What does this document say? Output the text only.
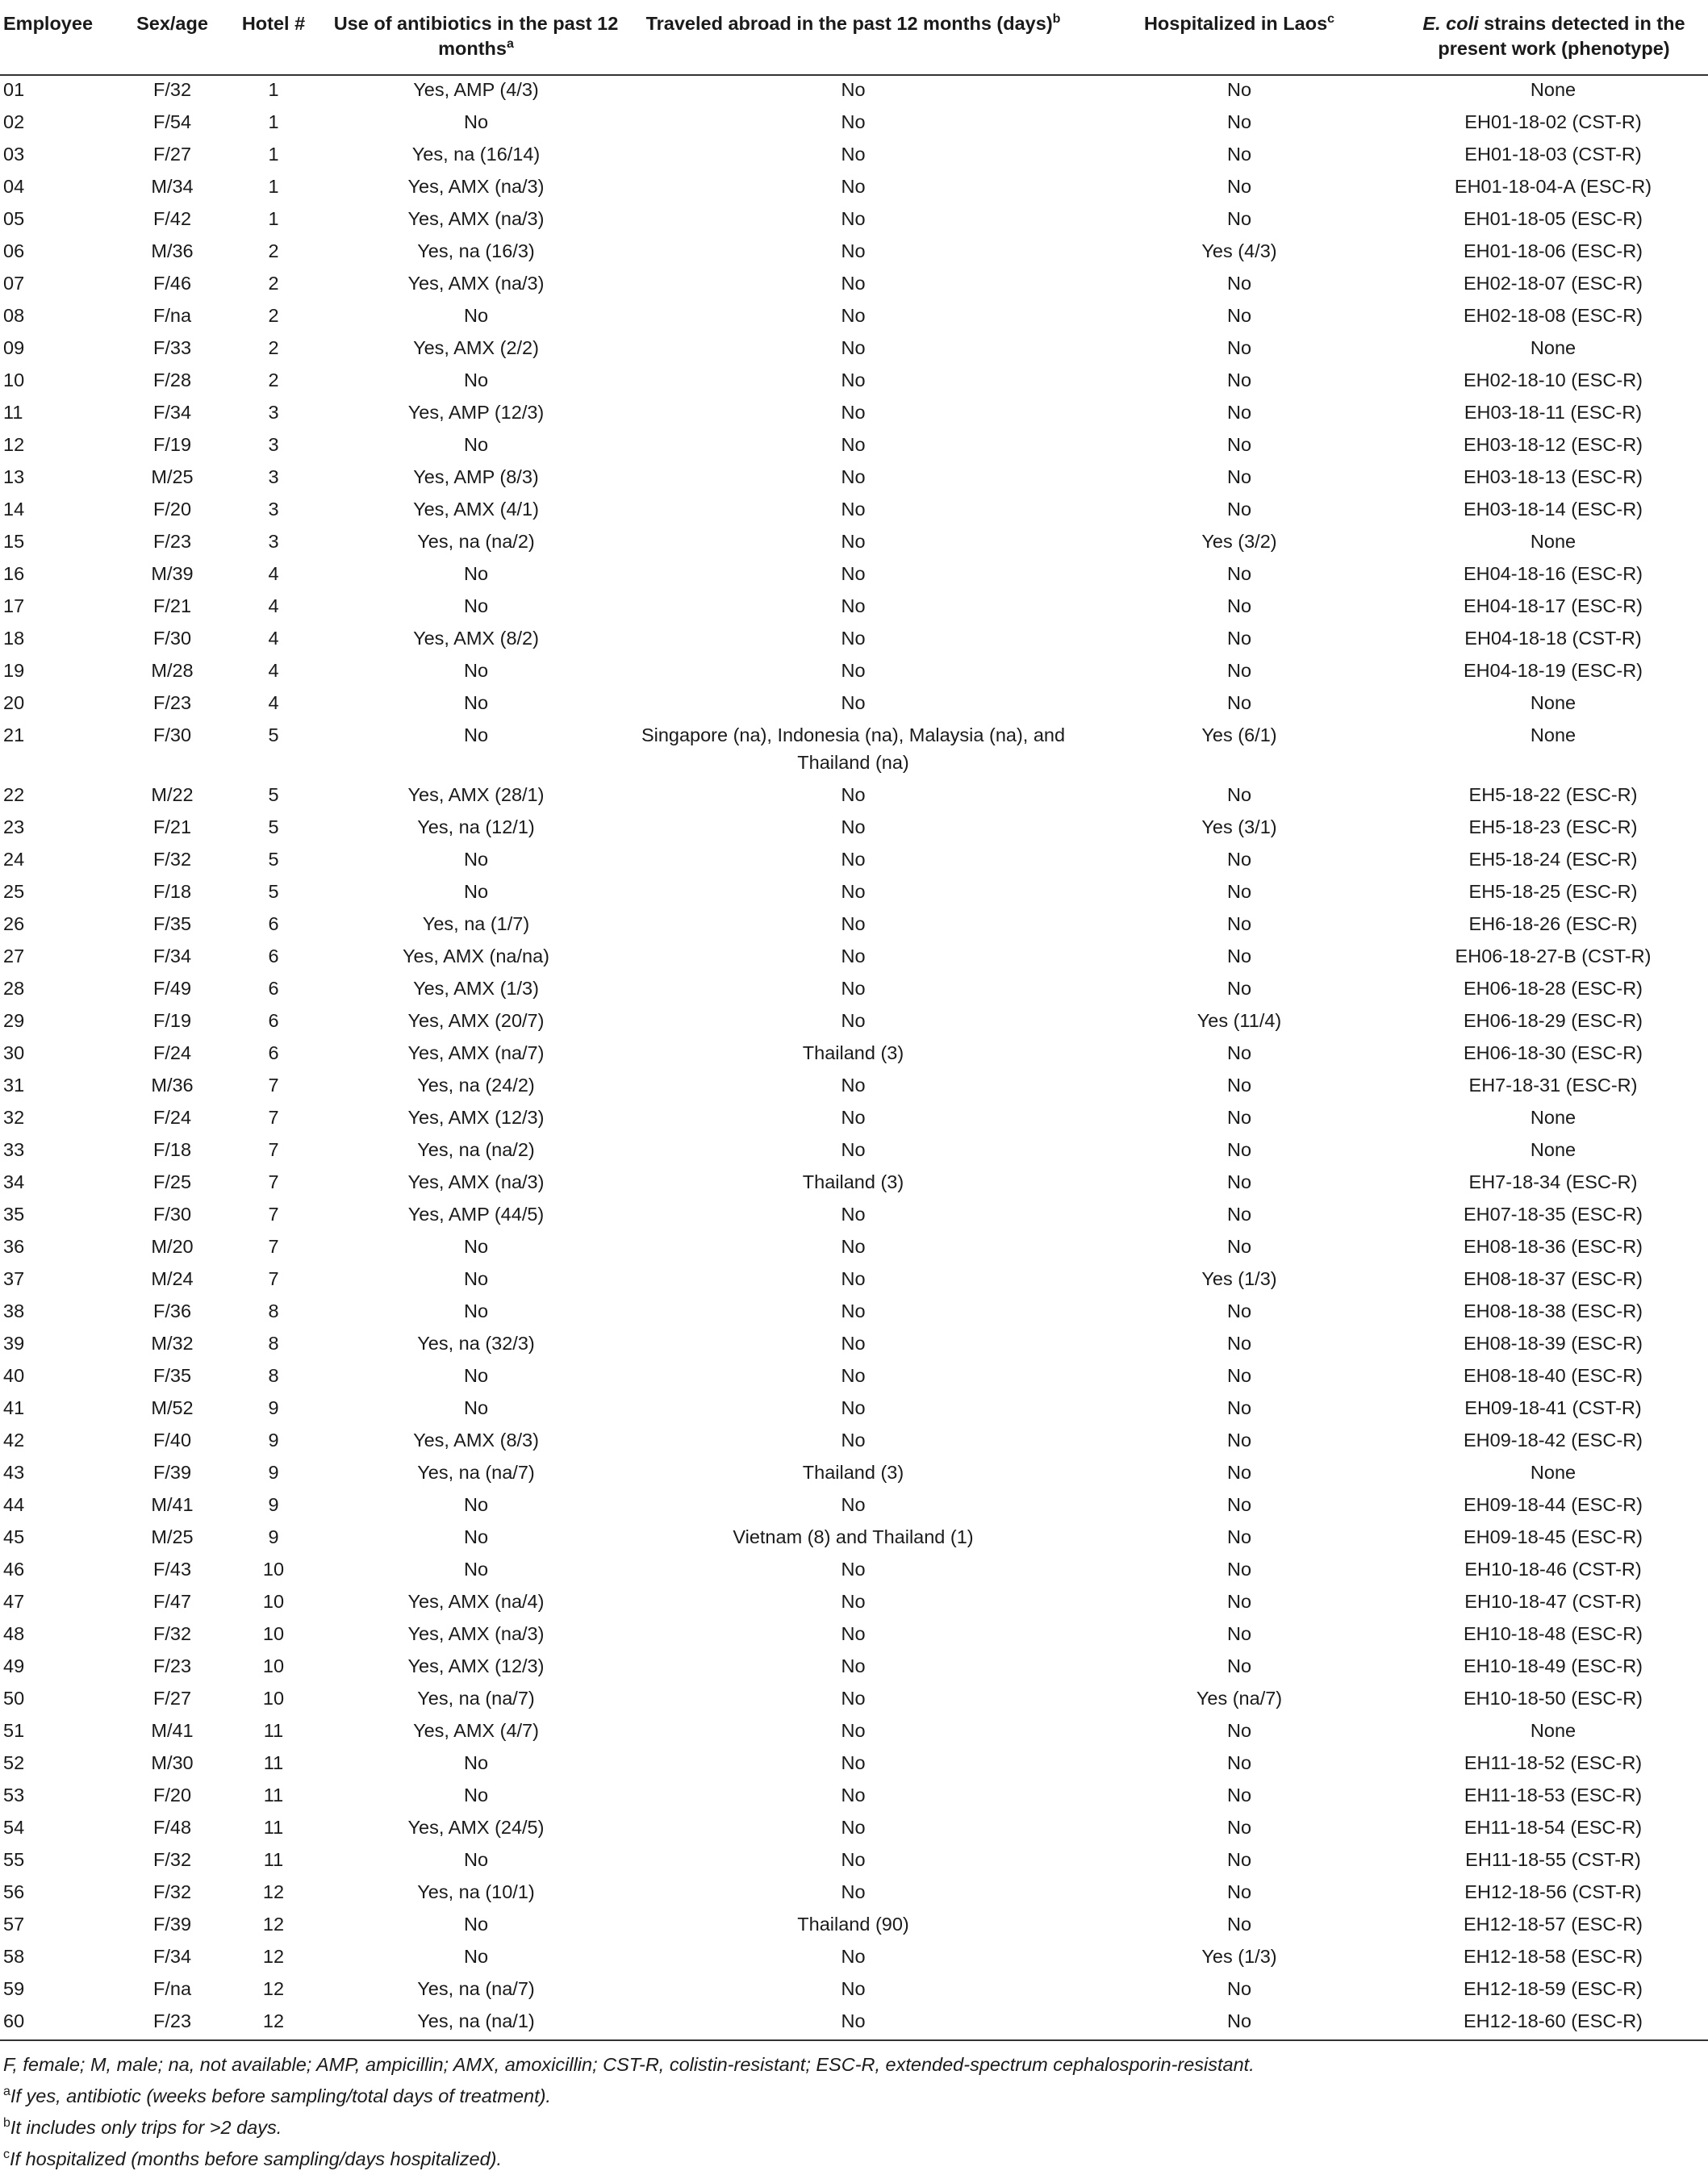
Employee	Sex/age	Hotel #	Use of antibiotics in the past 12 months$^a$	Traveled abroad in the past 12 months (days)$^b$	Hospitalized in Laos$^c$	E. coli strains detected in the present work (phenotype)
01	F/32	1	Yes, AMP (4/3)	No	No	None
02	F/54	1	No	No	No	EH01-18-02 (CST-R)
03	F/27	1	Yes, na (16/14)	No	No	EH01-18-03 (CST-R)
04	M/34	1	Yes, AMX (na/3)	No	No	EH01-18-04-A (ESC-R)
05	F/42	1	Yes, AMX (na/3)	No	No	EH01-18-05 (ESC-R)
06	M/36	2	Yes, na (16/3)	No	Yes (4/3)	EH01-18-06 (ESC-R)
07	F/46	2	Yes, AMX (na/3)	No	No	EH02-18-07 (ESC-R)
08	F/na	2	No	No	No	EH02-18-08 (ESC-R)
09	F/33	2	Yes, AMX (2/2)	No	No	None
10	F/28	2	No	No	No	EH02-18-10 (ESC-R)
11	F/34	3	Yes, AMP (12/3)	No	No	EH03-18-11 (ESC-R)
12	F/19	3	No	No	No	EH03-18-12 (ESC-R)
13	M/25	3	Yes, AMP (8/3)	No	No	EH03-18-13 (ESC-R)
14	F/20	3	Yes, AMX (4/1)	No	No	EH03-18-14 (ESC-R)
15	F/23	3	Yes, na (na/2)	No	Yes (3/2)	None
16	M/39	4	No	No	No	EH04-18-16 (ESC-R)
17	F/21	4	No	No	No	EH04-18-17 (ESC-R)
18	F/30	4	Yes, AMX (8/2)	No	No	EH04-18-18 (CST-R)
19	M/28	4	No	No	No	EH04-18-19 (ESC-R)
20	F/23	4	No	No	No	None
21	F/30	5	No	Singapore (na), Indonesia (na), Malaysia (na), and Thailand (na)	Yes (6/1)	None
22	M/22	5	Yes, AMX (28/1)	No	No	EH5-18-22 (ESC-R)
23	F/21	5	Yes, na (12/1)	No	Yes (3/1)	EH5-18-23 (ESC-R)
24	F/32	5	No	No	No	EH5-18-24 (ESC-R)
25	F/18	5	No	No	No	EH5-18-25 (ESC-R)
26	F/35	6	Yes, na (1/7)	No	No	EH6-18-26 (ESC-R)
27	F/34	6	Yes, AMX (na/na)	No	No	EH06-18-27-B (CST-R)
28	F/49	6	Yes, AMX (1/3)	No	No	EH06-18-28 (ESC-R)
29	F/19	6	Yes, AMX (20/7)	No	Yes (11/4)	EH06-18-29 (ESC-R)
30	F/24	6	Yes, AMX (na/7)	Thailand (3)	No	EH06-18-30 (ESC-R)
31	M/36	7	Yes, na (24/2)	No	No	EH7-18-31 (ESC-R)
32	F/24	7	Yes, AMX (12/3)	No	No	None
33	F/18	7	Yes, na (na/2)	No	No	None
34	F/25	7	Yes, AMX (na/3)	Thailand (3)	No	EH7-18-34 (ESC-R)
35	F/30	7	Yes, AMP (44/5)	No	No	EH07-18-35 (ESC-R)
36	M/20	7	No	No	No	EH08-18-36 (ESC-R)
37	M/24	7	No	No	Yes (1/3)	EH08-18-37 (ESC-R)
38	F/36	8	No	No	No	EH08-18-38 (ESC-R)
39	M/32	8	Yes, na (32/3)	No	No	EH08-18-39 (ESC-R)
40	F/35	8	No	No	No	EH08-18-40 (ESC-R)
41	M/52	9	No	No	No	EH09-18-41 (CST-R)
42	F/40	9	Yes, AMX (8/3)	No	No	EH09-18-42 (ESC-R)
43	F/39	9	Yes, na (na/7)	Thailand (3)	No	None
44	M/41	9	No	No	No	EH09-18-44 (ESC-R)
45	M/25	9	No	Vietnam (8) and Thailand (1)	No	EH09-18-45 (ESC-R)
46	F/43	10	No	No	No	EH10-18-46 (CST-R)
47	F/47	10	Yes, AMX (na/4)	No	No	EH10-18-47 (CST-R)
48	F/32	10	Yes, AMX (na/3)	No	No	EH10-18-48 (ESC-R)
49	F/23	10	Yes, AMX (12/3)	No	No	EH10-18-49 (ESC-R)
50	F/27	10	Yes, na (na/7)	No	Yes (na/7)	EH10-18-50 (ESC-R)
51	M/41	11	Yes, AMX (4/7)	No	No	None
52	M/30	11	No	No	No	EH11-18-52 (ESC-R)
53	F/20	11	No	No	No	EH11-18-53 (ESC-R)
54	F/48	11	Yes, AMX (24/5)	No	No	EH11-18-54 (ESC-R)
55	F/32	11	No	No	No	EH11-18-55 (CST-R)
56	F/32	12	Yes, na (10/1)	No	No	EH12-18-56 (CST-R)
57	F/39	12	No	Thailand (90)	No	EH12-18-57 (ESC-R)
58	F/34	12	No	No	Yes (1/3)	EH12-18-58 (ESC-R)
59	F/na	12	Yes, na (na/7)	No	No	EH12-18-59 (ESC-R)
60	F/23	12	Yes, na (na/1)	No	No	EH12-18-60 (ESC-R)
F, female; M, male; na, not available; AMP, ampicillin; AMX, amoxicillin; CST-R, colistin-resistant; ESC-R, extended-spectrum cephalosporin-resistant.
$^a$If yes, antibiotic (weeks before sampling/total days of treatment).
$^b$It includes only trips for >2 days.
$^c$If hospitalized (months before sampling/days hospitalized).
